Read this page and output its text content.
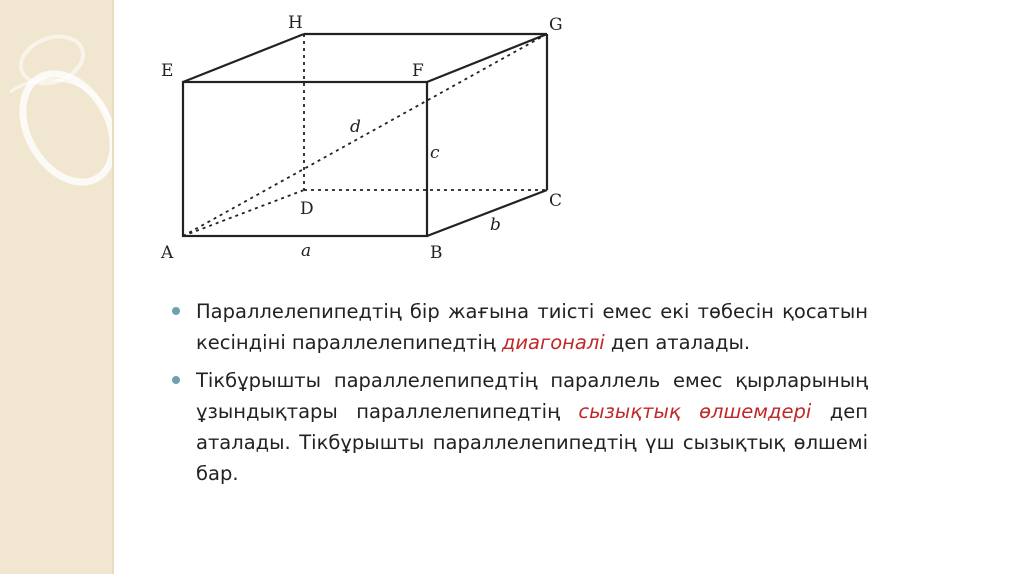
H	G
E	F
D	C
A	B
a
b
c
d
Параллелепипедтің бір жағына тиісті емес екі төбесін қосатын кесіндіні параллелепипедтің диагоналі деп аталады.
Тікбұрышты параллелепипедтің параллель емес қырларының ұзындықтары параллелепипедтің сызықтық өлшемдері деп аталады. Тікбұрышты параллелепипедтің үш сызықтық өлшемі бар.
